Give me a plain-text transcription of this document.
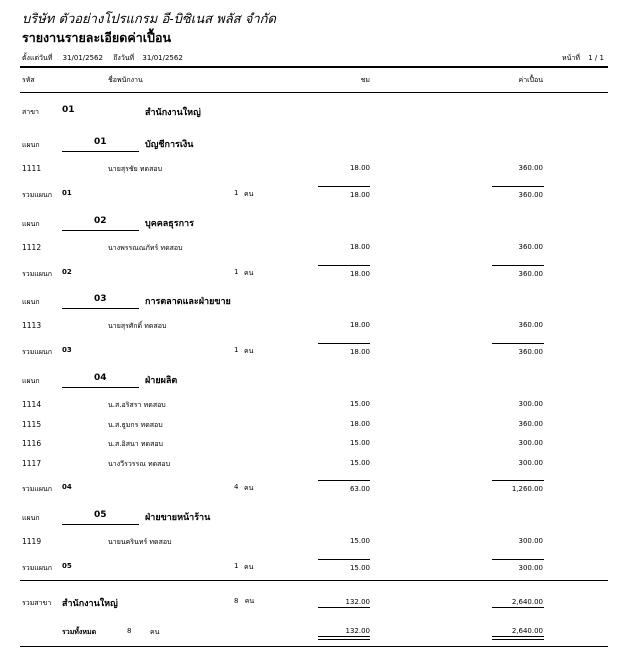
บริษัท ตัวอย่างโปรแกรม อี-บิซิเนส พลัส จำกัด
รายงานรายละเอียดค่าเปื้อน
ตั้งแต่วันที่ 31/01/2562 ถึงวันที่ 31/01/2562	หน้าที่ 1 / 1
รหัส	ชื่อพนักงาน	ชม	ค่าเปื้อน
สาขา	01	สำนักงานใหญ่
แผนก	01	บัญชีการเงิน
1111	นายสุรชัย ทดสอบ	18.00	360.00
รวมแผนก 01	1 คน	18.00	360.00
แผนก	02	บุคคลธุรการ
1112	นางพรรณณภัทร์ ทดสอบ	18.00	360.00
รวมแผนก 02	1 คน	18.00	360.00
แผนก	03	การตลาดและฝ่ายขาย
1113	นายสุรศักดิ์ ทดสอบ	18.00	360.00
รวมแผนก 03	1 คน	18.00	360.00
แผนก	04	ฝ่ายผลิต
1114	น.ส.อริสรา ทดสอบ	15.00	300.00
1115	น.ส.ธูมกร ทดสอบ	18.00	360.00
1116	น.ส.อิสนา ทดสอบ	15.00	300.00
1117	นางวีรวรรณ ทดสอบ	15.00	300.00
รวมแผนก 04	4 คน	63.00	1,260.00
แผนก	05	ฝ่ายขายหน้าร้าน
1119	นายนครินทร์ ทดสอบ	15.00	300.00
รวมแผนก 05	1 คน	15.00	300.00
รวมสาขา สำนักงานใหญ่	8 คน	132.00	2,640.00
รวมทั้งหมด	8	คน	132.00	2,640.00
